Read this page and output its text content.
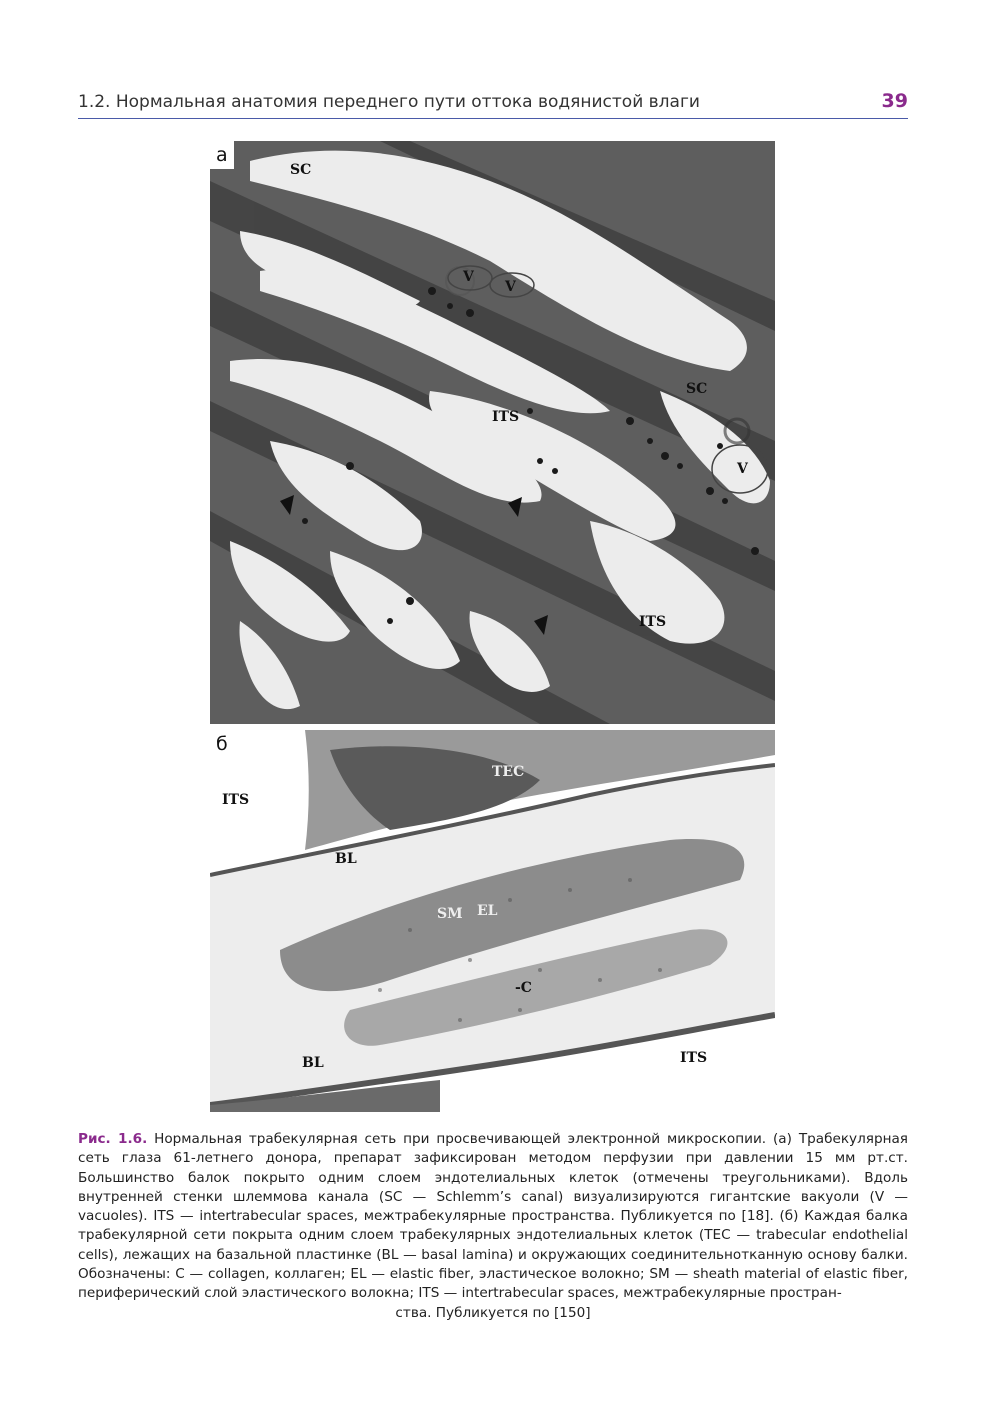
1.2. Нормальная анатомия переднего пути оттока водянистой влаги	39
а
SC
V
V
SC
ITS
V
ITS
б
ITS
TEC
BL
SM EL
-C
BL	ITS
Рис. 1.6. Нормальная трабекулярная сеть при просвечивающей электронной микроскопии. (а) Трабекулярная сеть глаза 61-летнего донора, препарат зафиксирован методом перфузии при давлении 15 мм рт.ст. Большинство балок покрыто одним слоем эндотелиальных клеток (отмечены треугольниками). Вдоль внутренней стенки шлеммова канала (SC — Schlemm’s canal) визуализируются гигантские вакуоли (V — vacuoles). ITS — intertrabecular spaces, межтрабекулярные пространства. Публикуется по [18]. (б) Каждая балка трабекулярной сети покрыта одним слоем трабекулярных эндотелиальных клеток (TEC — trabecular endothelial cells), лежащих на базальной пластинке (BL — basal lamina) и окружающих соединительнотканную основу балки. Обозначены: C — collagen, коллаген; EL — elastic fiber, эластическое волокно; SM — sheath material of elastic fiber, периферический слой эластического волокна; ITS — intertrabecular spaces, межтрабекулярные простран-
ства. Публикуется по [150]
